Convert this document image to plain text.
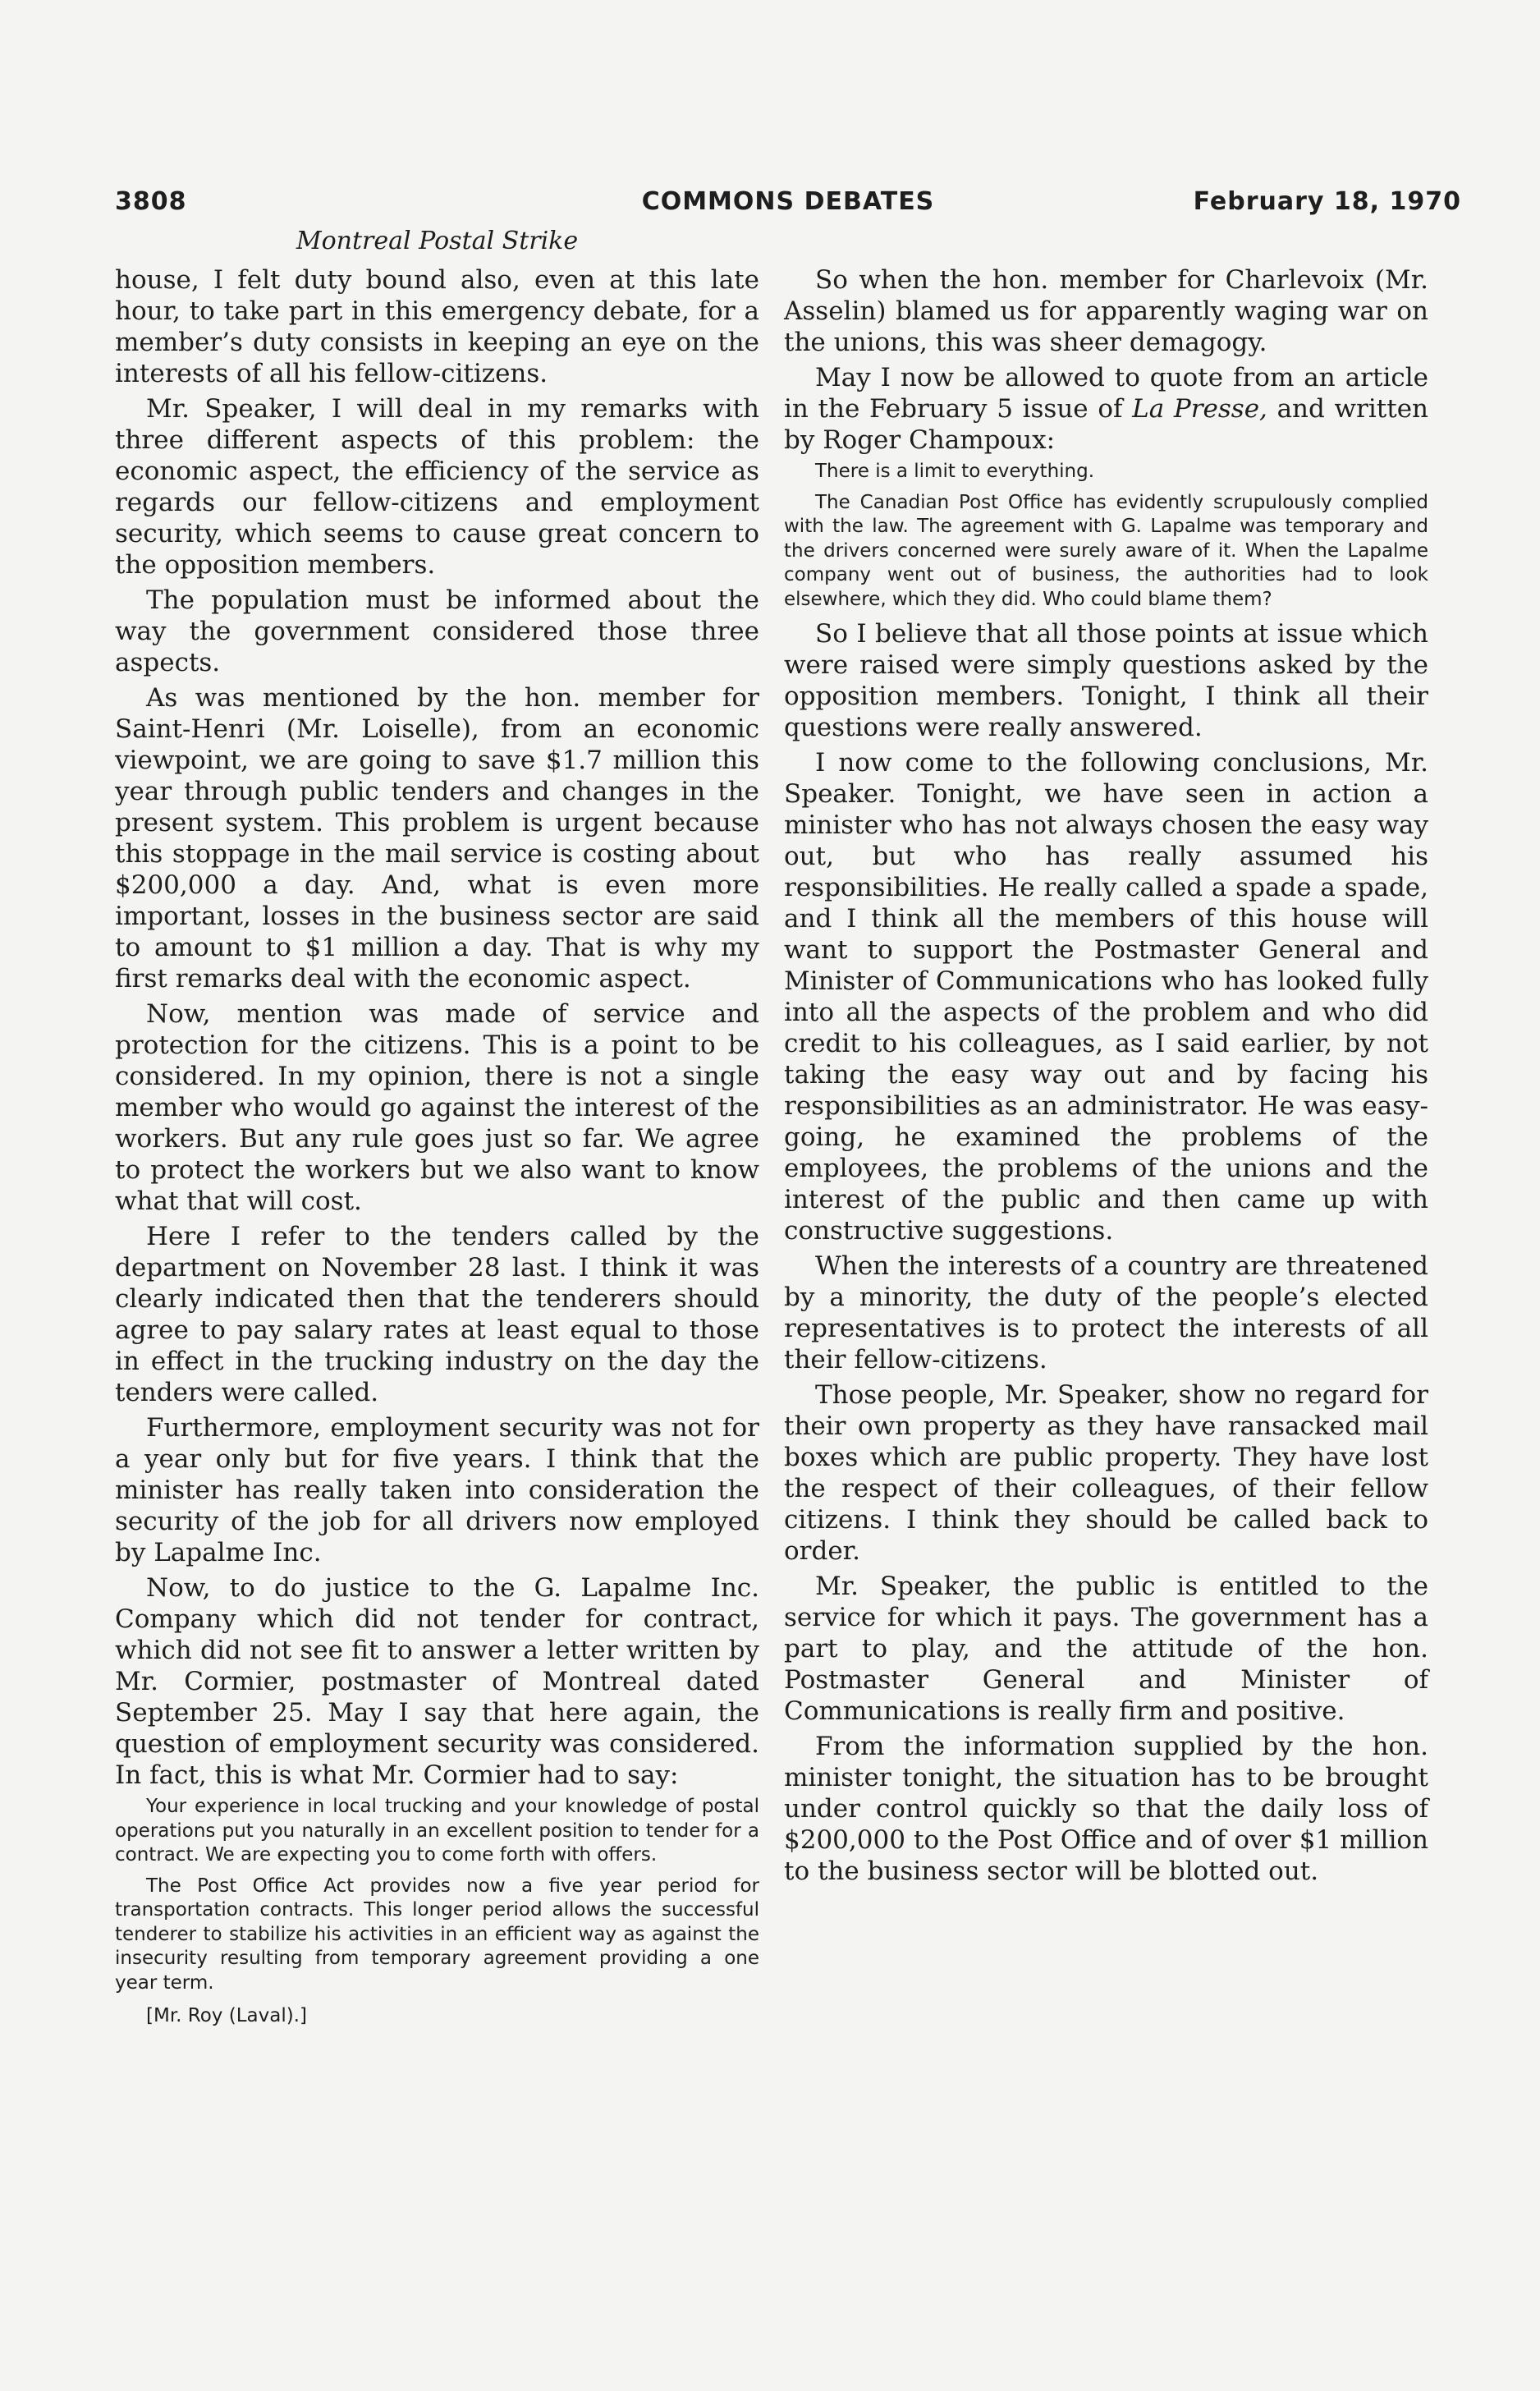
3808	COMMONS DEBATES	February 18, 1970
Montreal Postal Strike

house, I felt duty bound also, even at this late hour, to take part in this emergency debate, for a member’s duty consists in keeping an eye on the interests of all his fellow-citizens.

Mr. Speaker, I will deal in my remarks with three different aspects of this problem: the economic aspect, the efficiency of the service as regards our fellow-citizens and employment security, which seems to cause great concern to the opposition members.

The population must be informed about the way the government considered those three aspects.

As was mentioned by the hon. member for Saint-Henri (Mr. Loiselle), from an economic viewpoint, we are going to save $1.7 million this year through public tenders and changes in the present system. This problem is urgent because this stoppage in the mail service is costing about $200,000 a day. And, what is even more important, losses in the business sector are said to amount to $1 million a day. That is why my first remarks deal with the economic aspect.

Now, mention was made of service and protection for the citizens. This is a point to be considered. In my opinion, there is not a single member who would go against the interest of the workers. But any rule goes just so far. We agree to protect the workers but we also want to know what that will cost.

Here I refer to the tenders called by the department on November 28 last. I think it was clearly indicated then that the tenderers should agree to pay salary rates at least equal to those in effect in the trucking industry on the day the tenders were called.

Furthermore, employment security was not for a year only but for five years. I think that the minister has really taken into consideration the security of the job for all drivers now employed by Lapalme Inc.

Now, to do justice to the G. Lapalme Inc. Company which did not tender for contract, which did not see fit to answer a letter written by Mr. Cormier, postmaster of Montreal dated September 25. May I say that here again, the question of employment security was considered. In fact, this is what Mr. Cormier had to say:

Your experience in local trucking and your knowledge of postal operations put you naturally in an excellent position to tender for a contract. We are expecting you to come forth with offers.

The Post Office Act provides now a five year period for transportation contracts. This longer period allows the successful tenderer to stabilize his activities in an efficient way as against the insecurity resulting from temporary agreement providing a one year term.

[Mr. Roy (Laval).]

So when the hon. member for Charlevoix (Mr. Asselin) blamed us for apparently waging war on the unions, this was sheer demagogy.

May I now be allowed to quote from an article in the February 5 issue of La Presse, and written by Roger Champoux:

There is a limit to everything.

The Canadian Post Office has evidently scrupulously complied with the law. The agreement with G. Lapalme was temporary and the drivers concerned were surely aware of it. When the Lapalme company went out of business, the authorities had to look elsewhere, which they did. Who could blame them?

So I believe that all those points at issue which were raised were simply questions asked by the opposition members. Tonight, I think all their questions were really answered.

I now come to the following conclusions, Mr. Speaker. Tonight, we have seen in action a minister who has not always chosen the easy way out, but who has really assumed his responsibilities. He really called a spade a spade, and I think all the members of this house will want to support the Postmaster General and Minister of Communications who has looked fully into all the aspects of the problem and who did credit to his colleagues, as I said earlier, by not taking the easy way out and by facing his responsibilities as an administrator. He was easy-going, he examined the problems of the employees, the problems of the unions and the interest of the public and then came up with constructive suggestions.

When the interests of a country are threatened by a minority, the duty of the people’s elected representatives is to protect the interests of all their fellow-citizens.

Those people, Mr. Speaker, show no regard for their own property as they have ransacked mail boxes which are public property. They have lost the respect of their colleagues, of their fellow citizens. I think they should be called back to order.

Mr. Speaker, the public is entitled to the service for which it pays. The government has a part to play, and the attitude of the hon. Postmaster General and Minister of Communications is really firm and positive.

From the information supplied by the hon. minister tonight, the situation has to be brought under control quickly so that the daily loss of $200,000 to the Post Office and of over $1 million to the business sector will be blotted out.
